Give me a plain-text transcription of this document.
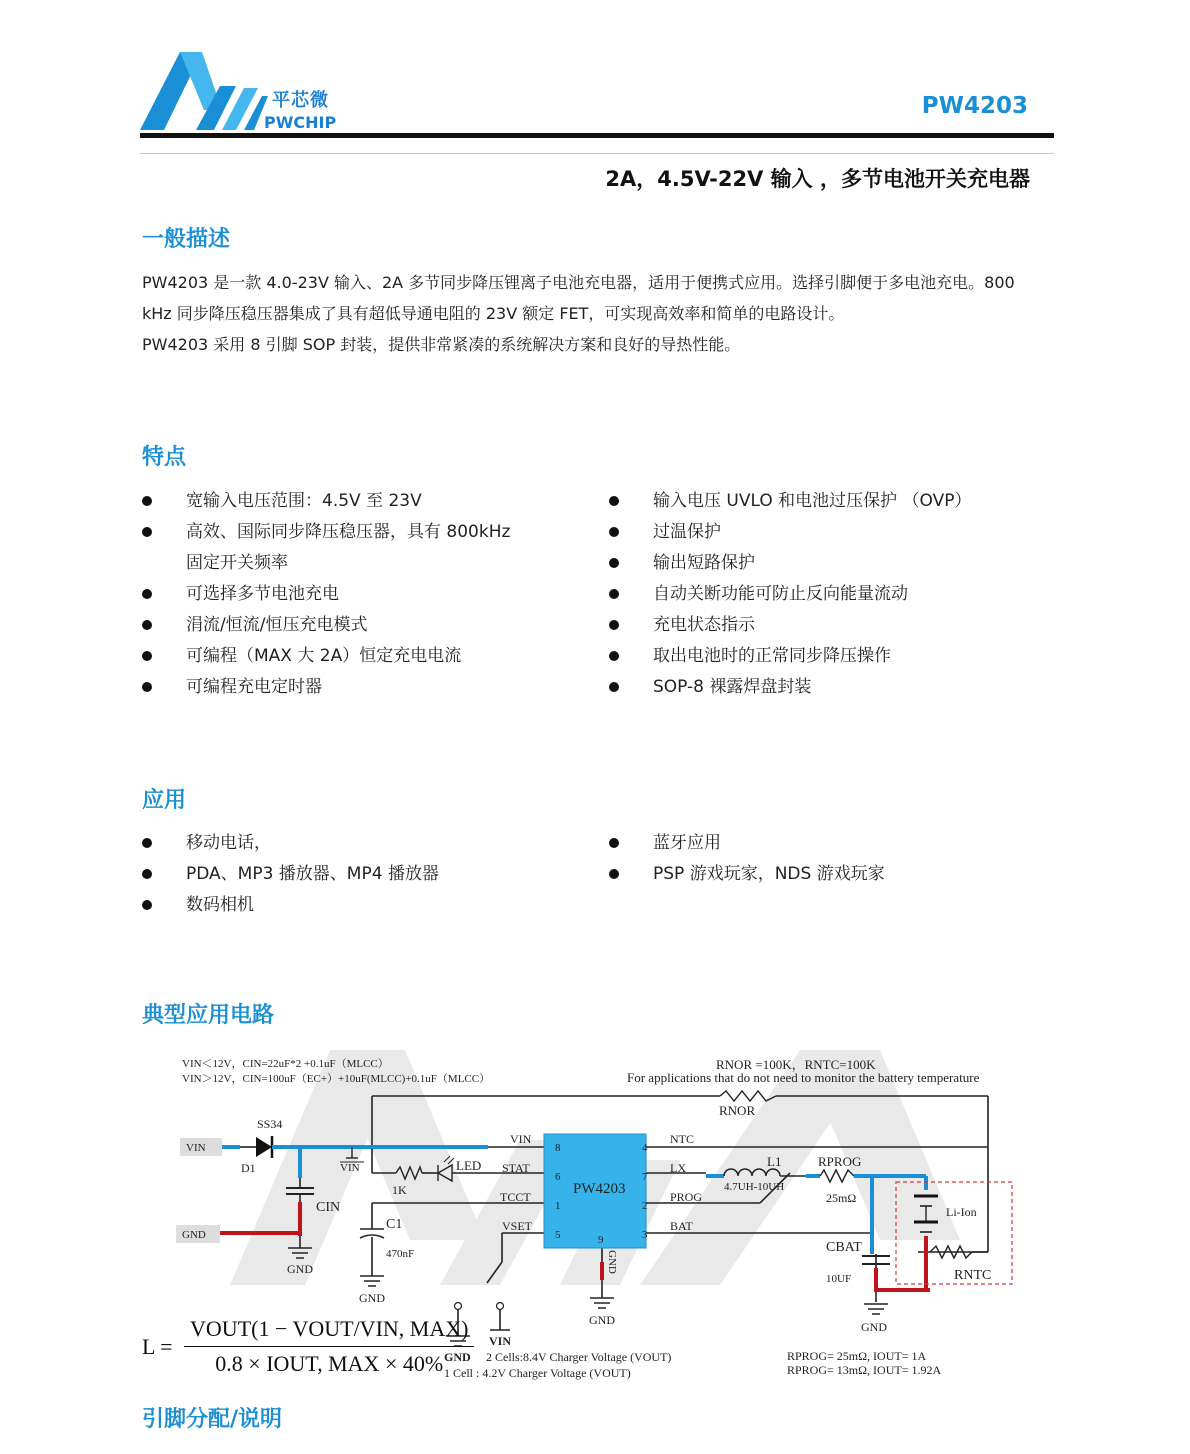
平芯微
PWCHIP
PW4203
2A，4.5V-22V 输入 ，多节电池开关充电器
一般描述

PW4203 是一款 4.0-23V 输入、2A 多节同步降压锂离子电池充电器，适用于便携式应用。选择引脚便于多电池充电。800 kHz 同步降压稳压器集成了具有超低导通电阻的 23V 额定 FET，可实现高效率和简单的电路设计。

PW4203 采用 8 引脚 SOP 封装，提供非常紧凑的系统解决方案和良好的导热性能。

特点
宽输入电压范围：4.5V 至 23V
高效、国际同步降压稳压器，具有 800kHz
固定开关频率
可选择多节电池充电
涓流/恒流/恒压充电模式
可编程（MAX 大 2A）恒定充电电流
可编程充电定时器
输入电压 UVLO 和电池过压保护 （OVP）
过温保护
输出短路保护
自动关断功能可防止反向能量流动
充电状态指示
取出电池时的正常同步降压操作
SOP-8 裸露焊盘封装
应用
移动电话，
PDA、MP3 播放器、MP4 播放器
数码相机
蓝牙应用
PSP 游戏玩家，NDS 游戏玩家
典型应用电路
VIN＜12V，CIN=22uF*2 +0.1uF（MLCC）
VIN＞12V，CIN=100uF（EC+）+10uF(MLCC)+0.1uF（MLCC）
RNOR =100K，RNTC=100K
For applications that do not need to monitor the battery temperature
RNOR
VIN
SS34
D1	VIN
CIN
GND
GND
1K
LED
C1
470nF
GND
PW4203
VIN
STAT
TCCT
VSET
8
6
1
5
NTC
LX
PROG
BAT
4
7
2
3
9
GND
GND
L1
4.7UH-10UH
RPROG
25mΩ
CBAT
10UF
GND
Li-Ion
RNTC
GND
VIN
2 Cells:8.4V Charger Voltage (VOUT)
1 Cell : 4.2V Charger Voltage (VOUT)
RPROG= 25mΩ, IOUT= 1A
RPROG= 13mΩ, IOUT= 1.92A
$L = \frac{\text{VOUT(1 − VOUT/VIN, MAX)}}{\text{0.8 × IOUT, MAX × 40\%}}$
引脚分配/说明
